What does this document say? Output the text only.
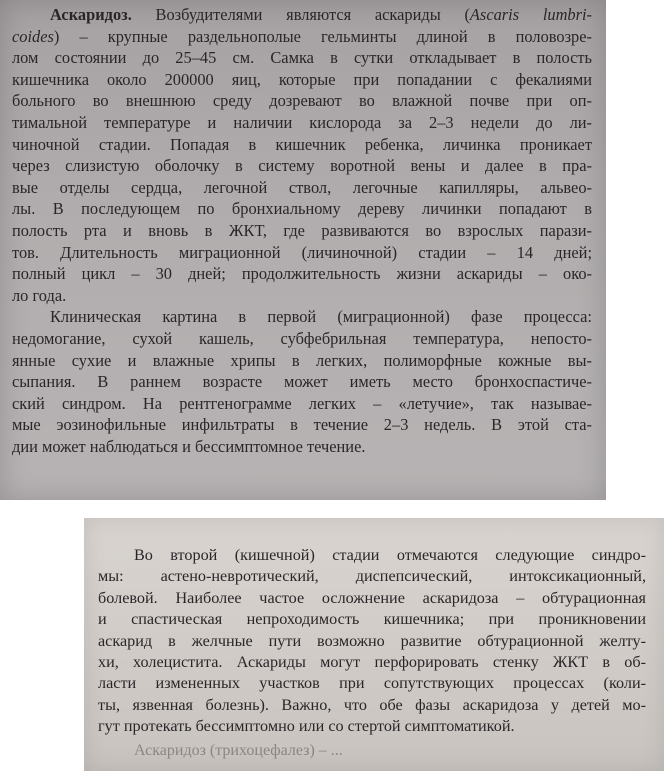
Аскаридоз. Возбудителями являются аскариды (Ascaris lumbri-
coides) – крупные раздельнополые гельминты длиной в половозре-
лом состоянии до 25–45 см. Самка в сутки откладывает в полость
кишечника около 200000 яиц, которые при попадании с фекалиями
больного во внешнюю среду дозревают во влажной почве при оп-
тимальной температуре и наличии кислорода за 2–3 недели до ли-
чиночной стадии. Попадая в кишечник ребенка, личинка проникает
через слизистую оболочку в систему воротной вены и далее в пра-
вые отделы сердца, легочной ствол, легочные капилляры, альвео-
лы. В последующем по бронхиальному дереву личинки попадают в
полость рта и вновь в ЖКТ, где развиваются во взрослых парази-
тов. Длительность миграционной (личиночной) стадии – 14 дней;
полный цикл – 30 дней; продолжительность жизни аскариды – око-
ло года.
Клиническая картина в первой (миграционной) фазе процесса:
недомогание, сухой кашель, субфебрильная температура, непосто-
янные сухие и влажные хрипы в легких, полиморфные кожные вы-
сыпания. В раннем возрасте может иметь место бронхоспастиче-
ский синдром. На рентгенограмме легких – «летучие», так называе-
мые эозинофильные инфильтраты в течение 2–3 недель. В этой ста-
дии может наблюдаться и бессимптомное течение.
Во второй (кишечной) стадии отмечаются следующие синдро-
мы: астено-невротический, диспепсический, интоксикационный,
болевой. Наиболее частое осложнение аскаридоза – обтурационная
и спастическая непроходимость кишечника; при проникновении
аскарид в желчные пути возможно развитие обтурационной желту-
хи, холецистита. Аскариды могут перфорировать стенку ЖКТ в об-
ласти измененных участков при сопутствующих процессах (коли-
ты, язвенная болезнь). Важно, что обе фазы аскаридоза у детей мо-
гут протекать бессимптомно или со стертой симптоматикой.
Аскаридоз (трихоцефалез) – ...
